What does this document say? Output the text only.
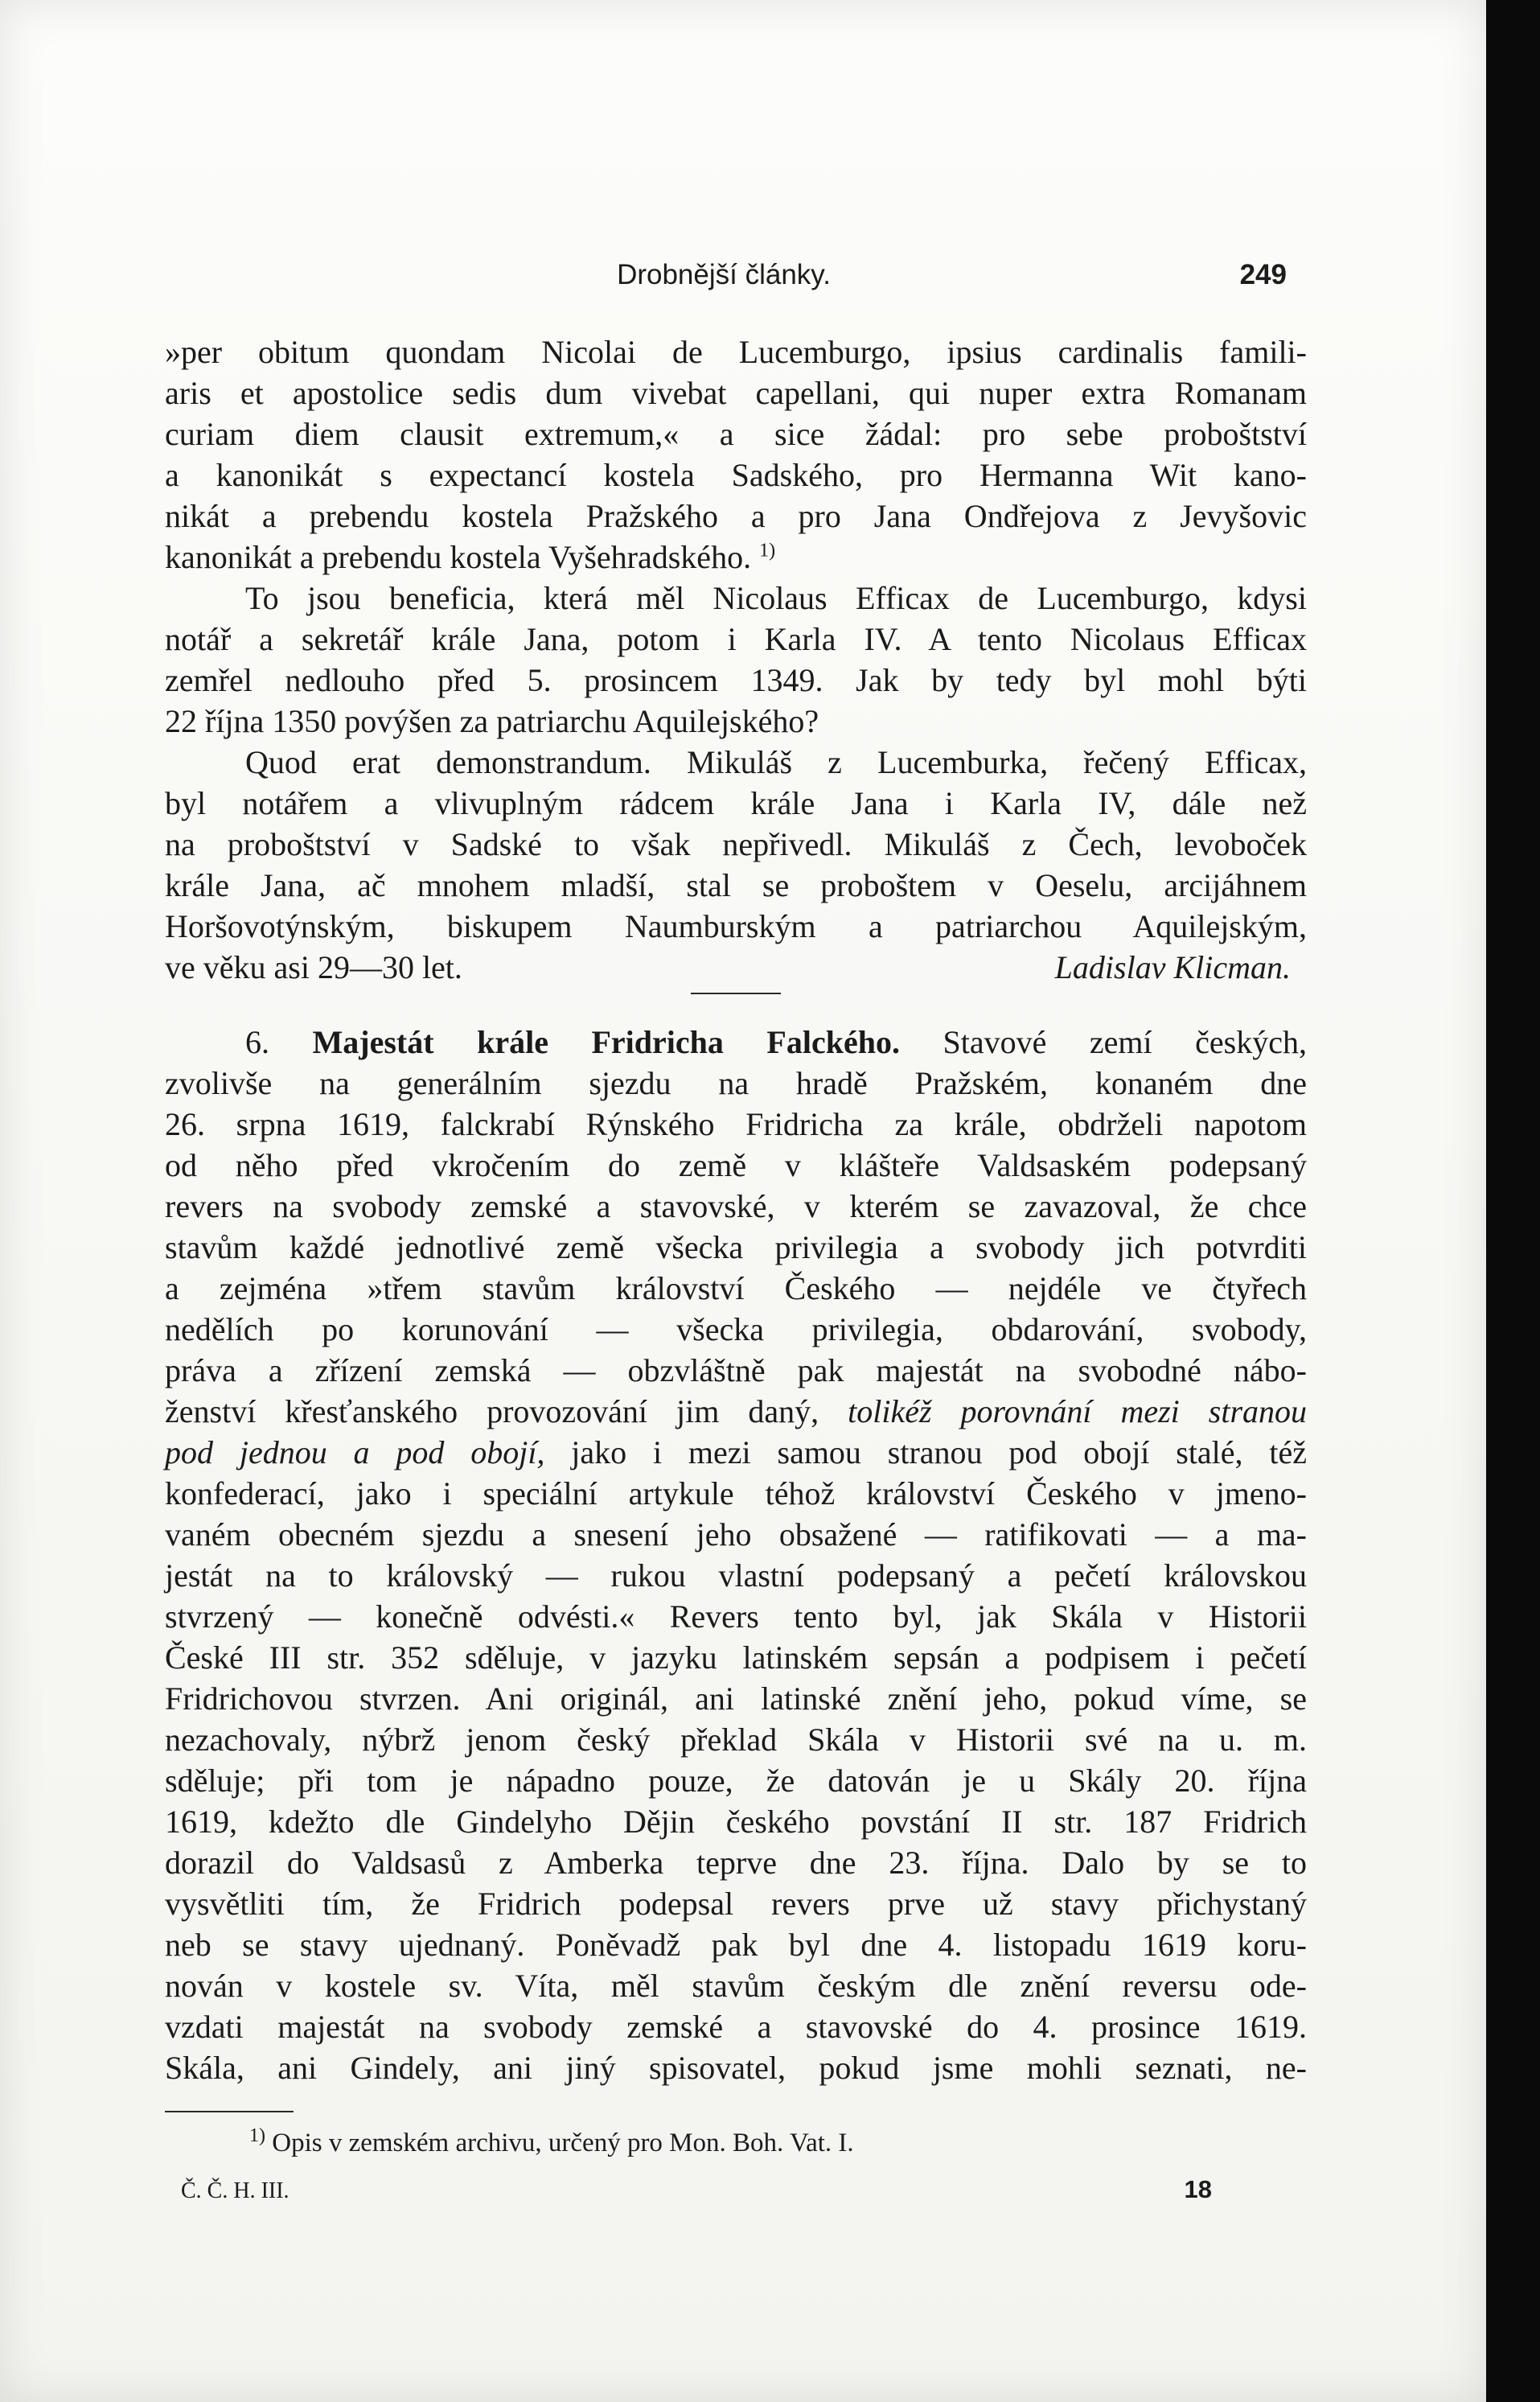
Drobnější články.	249
»per obitum quondam Nicolai de Lucemburgo, ipsius cardinalis famili-
aris et apostolice sedis dum vivebat capellani, qui nuper extra Romanam
curiam diem clausit extremum,« a sice žádal: pro sebe proboštství
a kanonikát s expectancí kostela Sadského, pro Hermanna Wit kano-
nikát a prebendu kostela Pražského a pro Jana Ondřejova z Jevyšovic
kanonikát a prebendu kostela Vyšehradského. $^{1)}$
To jsou beneficia, která měl Nicolaus Efficax de Lucemburgo, kdysi
notář a sekretář krále Jana, potom i Karla IV. A tento Nicolaus Efficax
zemřel nedlouho před 5. prosincem 1349. Jak by tedy byl mohl býti
22 října 1350 povýšen za patriarchu Aquilejského?
Quod erat demonstrandum. Mikuláš z Lucemburka, řečený Efficax,
byl notářem a vlivuplným rádcem krále Jana i Karla IV, dále než
na proboštství v Sadské to však nepřivedl. Mikuláš z Čech, levoboček
krále Jana, ač mnohem mladší, stal se proboštem v Oeselu, arcijáhnem
Horšovotýnským, biskupem Naumburským a patriarchou Aquilejským,
ve věku asi 29—30 let.	Ladislav Klicman.
6. Majestát krále Fridricha Falckého. Stavové zemí českých,
zvolivše na generálním sjezdu na hradě Pražském, konaném dne
26. srpna 1619, falckrabí Rýnského Fridricha za krále, obdrželi napotom
od něho před vkročením do země v klášteře Valdsaském podepsaný
revers na svobody zemské a stavovské, v kterém se zavazoval, že chce
stavům každé jednotlivé země všecka privilegia a svobody jich potvrditi
a zejména »třem stavům království Českého — nejdéle ve čtyřech
nedělích po korunování — všecka privilegia, obdarování, svobody,
práva a zřízení zemská — obzvláštně pak majestát na svobodné nábo-
ženství křesťanského provozování jim daný, tolikéž porovnání mezi stranou
pod jednou a pod obojí, jako i mezi samou stranou pod obojí stalé, též
konfederací, jako i speciální artykule téhož království Českého v jmeno-
vaném obecném sjezdu a snesení jeho obsažené — ratifikovati — a ma-
jestát na to královský — rukou vlastní podepsaný a pečetí královskou
stvrzený — konečně odvésti.« Revers tento byl, jak Skála v Historii
České III str. 352 sděluje, v jazyku latinském sepsán a podpisem i pečetí
Fridrichovou stvrzen. Ani originál, ani latinské znění jeho, pokud víme, se
nezachovaly, nýbrž jenom český překlad Skála v Historii své na u. m.
sděluje; při tom je nápadno pouze, že datován je u Skály 20. října
1619, kdežto dle Gindelyho Dějin českého povstání II str. 187 Fridrich
dorazil do Valdsasů z Amberka teprve dne 23. října. Dalo by se to
vysvětliti tím, že Fridrich podepsal revers prve už stavy přichystaný
neb se stavy ujednaný. Poněvadž pak byl dne 4. listopadu 1619 koru-
nován v kostele sv. Víta, měl stavům českým dle znění reversu ode-
vzdati majestát na svobody zemské a stavovské do 4. prosince 1619.
Skála, ani Gindely, ani jiný spisovatel, pokud jsme mohli seznati, ne-
$^{1)}$ Opis v zemském archivu, určený pro Mon. Boh. Vat. I.
Č. Č. H. III.	18
